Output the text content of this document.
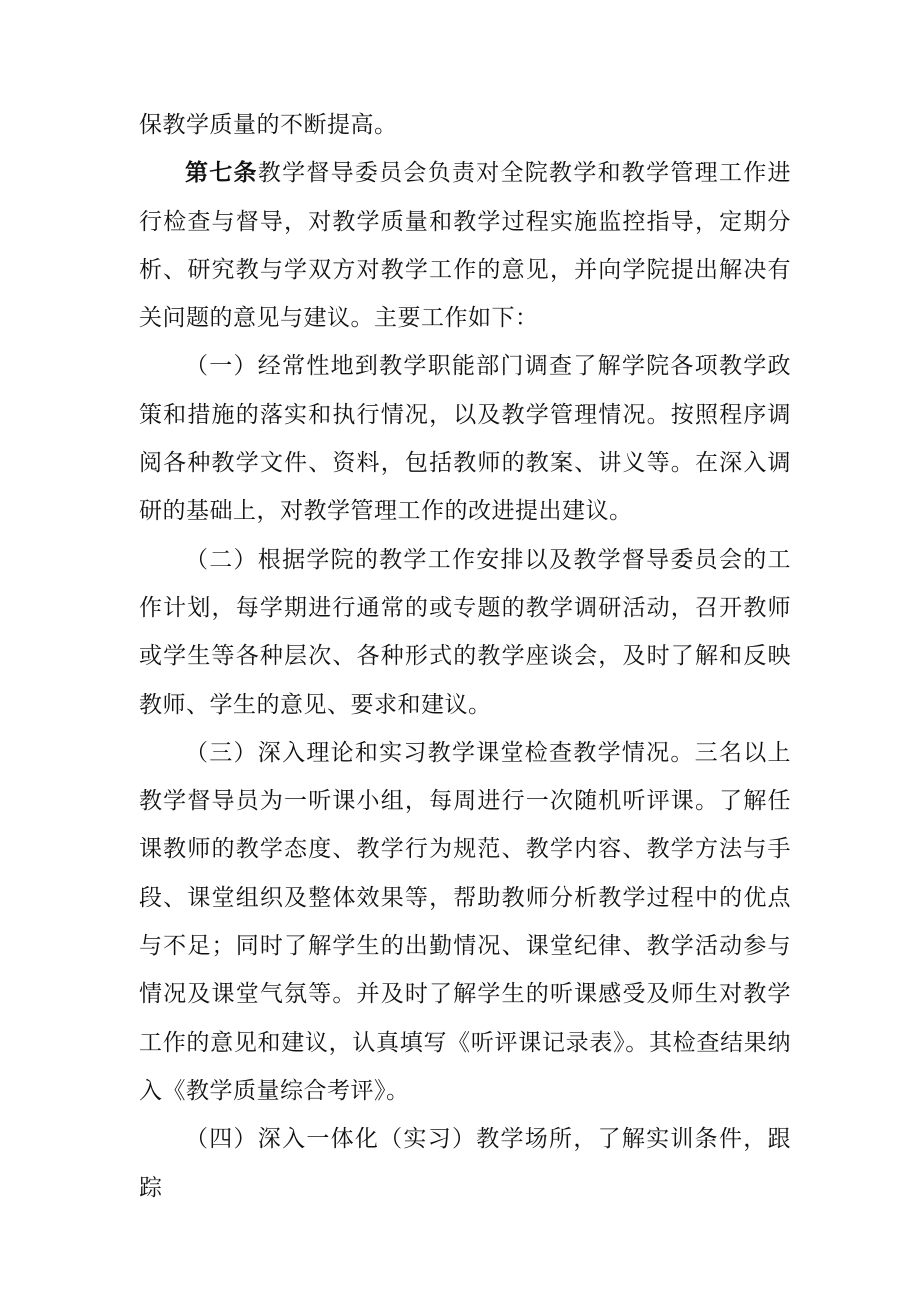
保教学质量的不断提高。

第七条教学督导委员会负责对全院教学和教学管理工作进行检查与督导，对教学质量和教学过程实施监控指导，定期分析、研究教与学双方对教学工作的意见，并向学院提出解决有关问题的意见与建议。主要工作如下：

（一）经常性地到教学职能部门调查了解学院各项教学政策和措施的落实和执行情况，以及教学管理情况。按照程序调阅各种教学文件、资料，包括教师的教案、讲义等。在深入调研的基础上，对教学管理工作的改进提出建议。

（二）根据学院的教学工作安排以及教学督导委员会的工作计划，每学期进行通常的或专题的教学调研活动，召开教师或学生等各种层次、各种形式的教学座谈会，及时了解和反映教师、学生的意见、要求和建议。

（三）深入理论和实习教学课堂检查教学情况。三名以上教学督导员为一听课小组，每周进行一次随机听评课。了解任课教师的教学态度、教学行为规范、教学内容、教学方法与手段、课堂组织及整体效果等，帮助教师分析教学过程中的优点与不足；同时了解学生的出勤情况、课堂纪律、教学活动参与情况及课堂气氛等。并及时了解学生的听课感受及师生对教学工作的意见和建议，认真填写《听评课记录表》。其检查结果纳入《教学质量综合考评》。

（四）深入一体化（实习）教学场所，了解实训条件，跟踪
